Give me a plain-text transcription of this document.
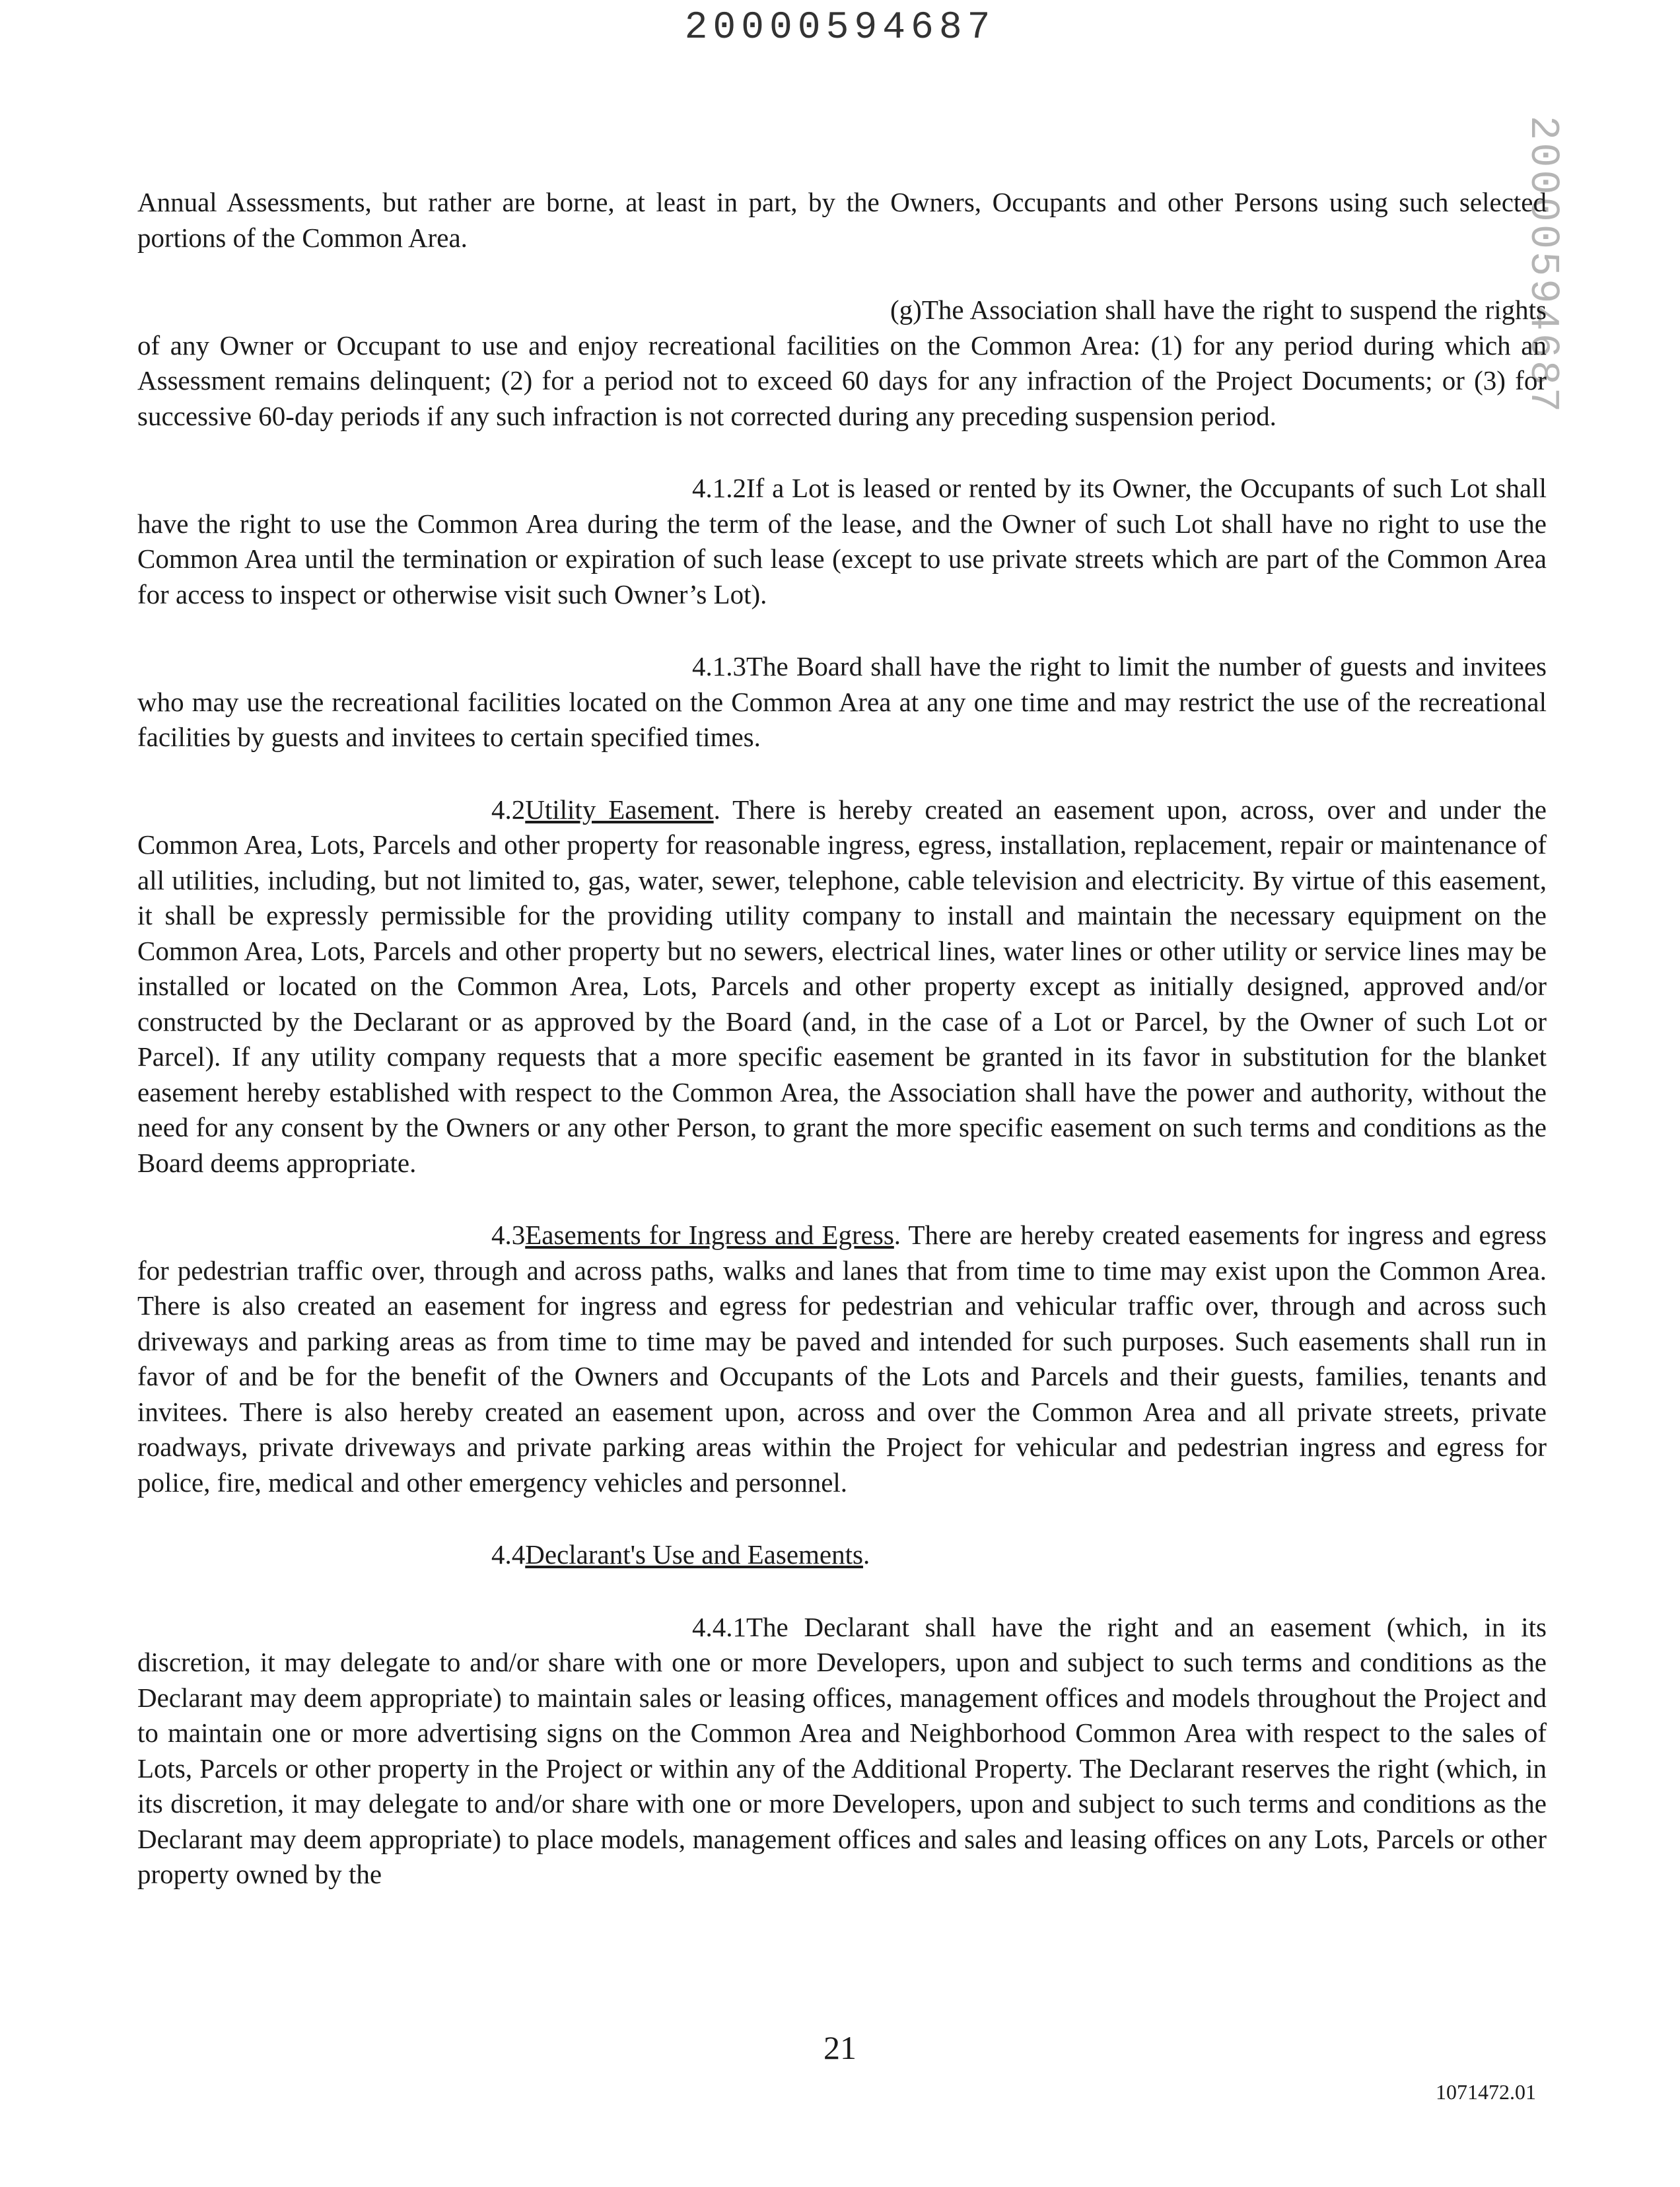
20000594687
20000594687

Annual Assessments, but rather are borne, at least in part, by the Owners, Occupants and other Persons using such selected portions of the Common Area.

(g)The Association shall have the right to suspend the rights of any Owner or Occupant to use and enjoy recreational facilities on the Common Area: (1) for any period during which an Assessment remains delinquent; (2) for a period not to exceed 60 days for any infraction of the Project Documents; or (3) for successive 60-day periods if any such infraction is not corrected during any preceding suspension period.

4.1.2If a Lot is leased or rented by its Owner, the Occupants of such Lot shall have the right to use the Common Area during the term of the lease, and the Owner of such Lot shall have no right to use the Common Area until the termination or expiration of such lease (except to use private streets which are part of the Common Area for access to inspect or otherwise visit such Owner’s Lot).

4.1.3The Board shall have the right to limit the number of guests and invitees who may use the recreational facilities located on the Common Area at any one time and may restrict the use of the recreational facilities by guests and invitees to certain specified times.

4.2Utility Easement. There is hereby created an easement upon, across, over and under the Common Area, Lots, Parcels and other property for reasonable ingress, egress, installation, replacement, repair or maintenance of all utilities, including, but not limited to, gas, water, sewer, telephone, cable television and electricity. By virtue of this easement, it shall be expressly permissible for the providing utility company to install and maintain the necessary equipment on the Common Area, Lots, Parcels and other property but no sewers, electrical lines, water lines or other utility or service lines may be installed or located on the Common Area, Lots, Parcels and other property except as initially designed, approved and/or constructed by the Declarant or as approved by the Board (and, in the case of a Lot or Parcel, by the Owner of such Lot or Parcel). If any utility company requests that a more specific easement be granted in its favor in substitution for the blanket easement hereby established with respect to the Common Area, the Association shall have the power and authority, without the need for any consent by the Owners or any other Person, to grant the more specific easement on such terms and conditions as the Board deems appropriate.

4.3Easements for Ingress and Egress. There are hereby created easements for ingress and egress for pedestrian traffic over, through and across paths, walks and lanes that from time to time may exist upon the Common Area. There is also created an easement for ingress and egress for pedestrian and vehicular traffic over, through and across such driveways and parking areas as from time to time may be paved and intended for such purposes. Such easements shall run in favor of and be for the benefit of the Owners and Occupants of the Lots and Parcels and their guests, families, tenants and invitees. There is also hereby created an easement upon, across and over the Common Area and all private streets, private roadways, private driveways and private parking areas within the Project for vehicular and pedestrian ingress and egress for police, fire, medical and other emergency vehicles and personnel.

4.4Declarant's Use and Easements.

4.4.1The Declarant shall have the right and an easement (which, in its discretion, it may delegate to and/or share with one or more Developers, upon and subject to such terms and conditions as the Declarant may deem appropriate) to maintain sales or leasing offices, management offices and models throughout the Project and to maintain one or more advertising signs on the Common Area and Neighborhood Common Area with respect to the sales of Lots, Parcels or other property in the Project or within any of the Additional Property. The Declarant reserves the right (which, in its discretion, it may delegate to and/or share with one or more Developers, upon and subject to such terms and conditions as the Declarant may deem appropriate) to place models, management offices and sales and leasing offices on any Lots, Parcels or other property owned by the

21
1071472.01
